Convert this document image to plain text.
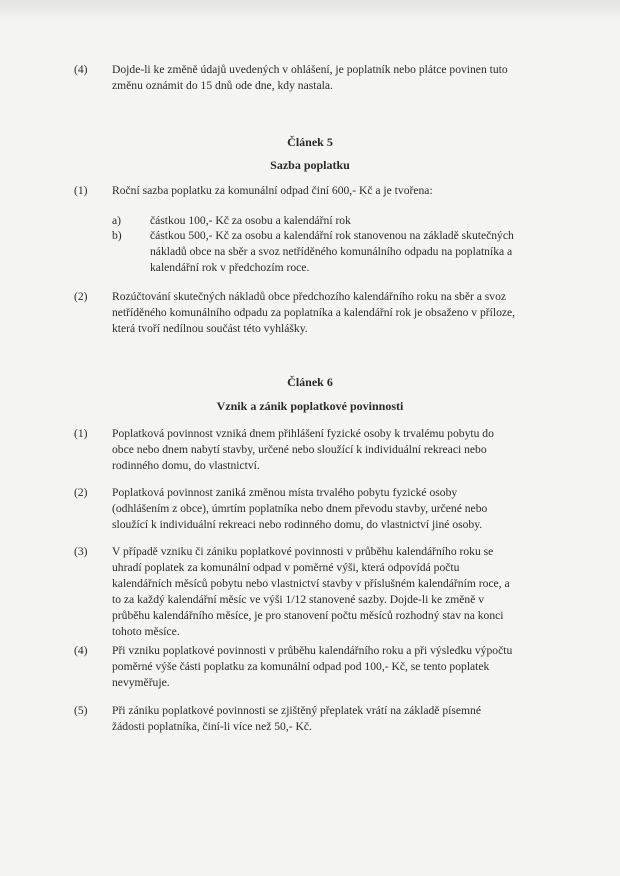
(4) Dojde-li ke změně údajů uvedených v ohlášení, je poplatník nebo plátce povinen tuto

změnu oznámit do 15 dnů ode dne, kdy nastala.

Článek 5
Sazba poplatku
(1) Roční sazba poplatku za komunální odpad činí 600,- Kč a je tvořena:

a) částkou 100,- Kč za osobu a kalendářní rok

b) částkou 500,- Kč za osobu a kalendářní rok stanovenou na základě skutečných

nákladů obce na sběr a svoz netříděného komunálního odpadu na poplatníka a

kalendářní rok v předchozím roce.

(2) Rozúčtování skutečných nákladů obce předchozího kalendářního roku na sběr a svoz

netříděného komunálního odpadu za poplatníka a kalendářní rok je obsaženo v příloze,

která tvoří nedílnou součást této vyhlášky.

Článek 6
Vznik a zánik poplatkové povinnosti
(1) Poplatková povinnost vzniká dnem přihlášení fyzické osoby k trvalému pobytu do

obce nebo dnem nabytí stavby, určené nebo sloužící k individuální rekreaci nebo

rodinného domu, do vlastnictví.

(2) Poplatková povinnost zaniká změnou místa trvalého pobytu fyzické osoby

(odhlášením z obce), úmrtím poplatníka nebo dnem převodu stavby, určené nebo

sloužící k individuální rekreaci nebo rodinného domu, do vlastnictví jiné osoby.

(3) V případě vzniku či zániku poplatkové povinnosti v průběhu kalendářního roku se

uhradí poplatek za komunální odpad v poměrné výši, která odpovídá počtu

kalendářních měsíců pobytu nebo vlastnictví stavby v příslušném kalendářním roce, a

to za každý kalendářní měsíc ve výši 1/12 stanovené sazby. Dojde-li ke změně v

průběhu kalendářního měsíce, je pro stanovení počtu měsíců rozhodný stav na konci

tohoto měsíce.

(4) Při vzniku poplatkové povinnosti v průběhu kalendářního roku a při výsledku výpočtu

poměrné výše části poplatku za komunální odpad pod 100,- Kč, se tento poplatek

nevyměřuje.

(5) Při zániku poplatkové povinnosti se zjištěný přeplatek vrátí na základě písemné

žádosti poplatníka, činí-li více než 50,- Kč.
